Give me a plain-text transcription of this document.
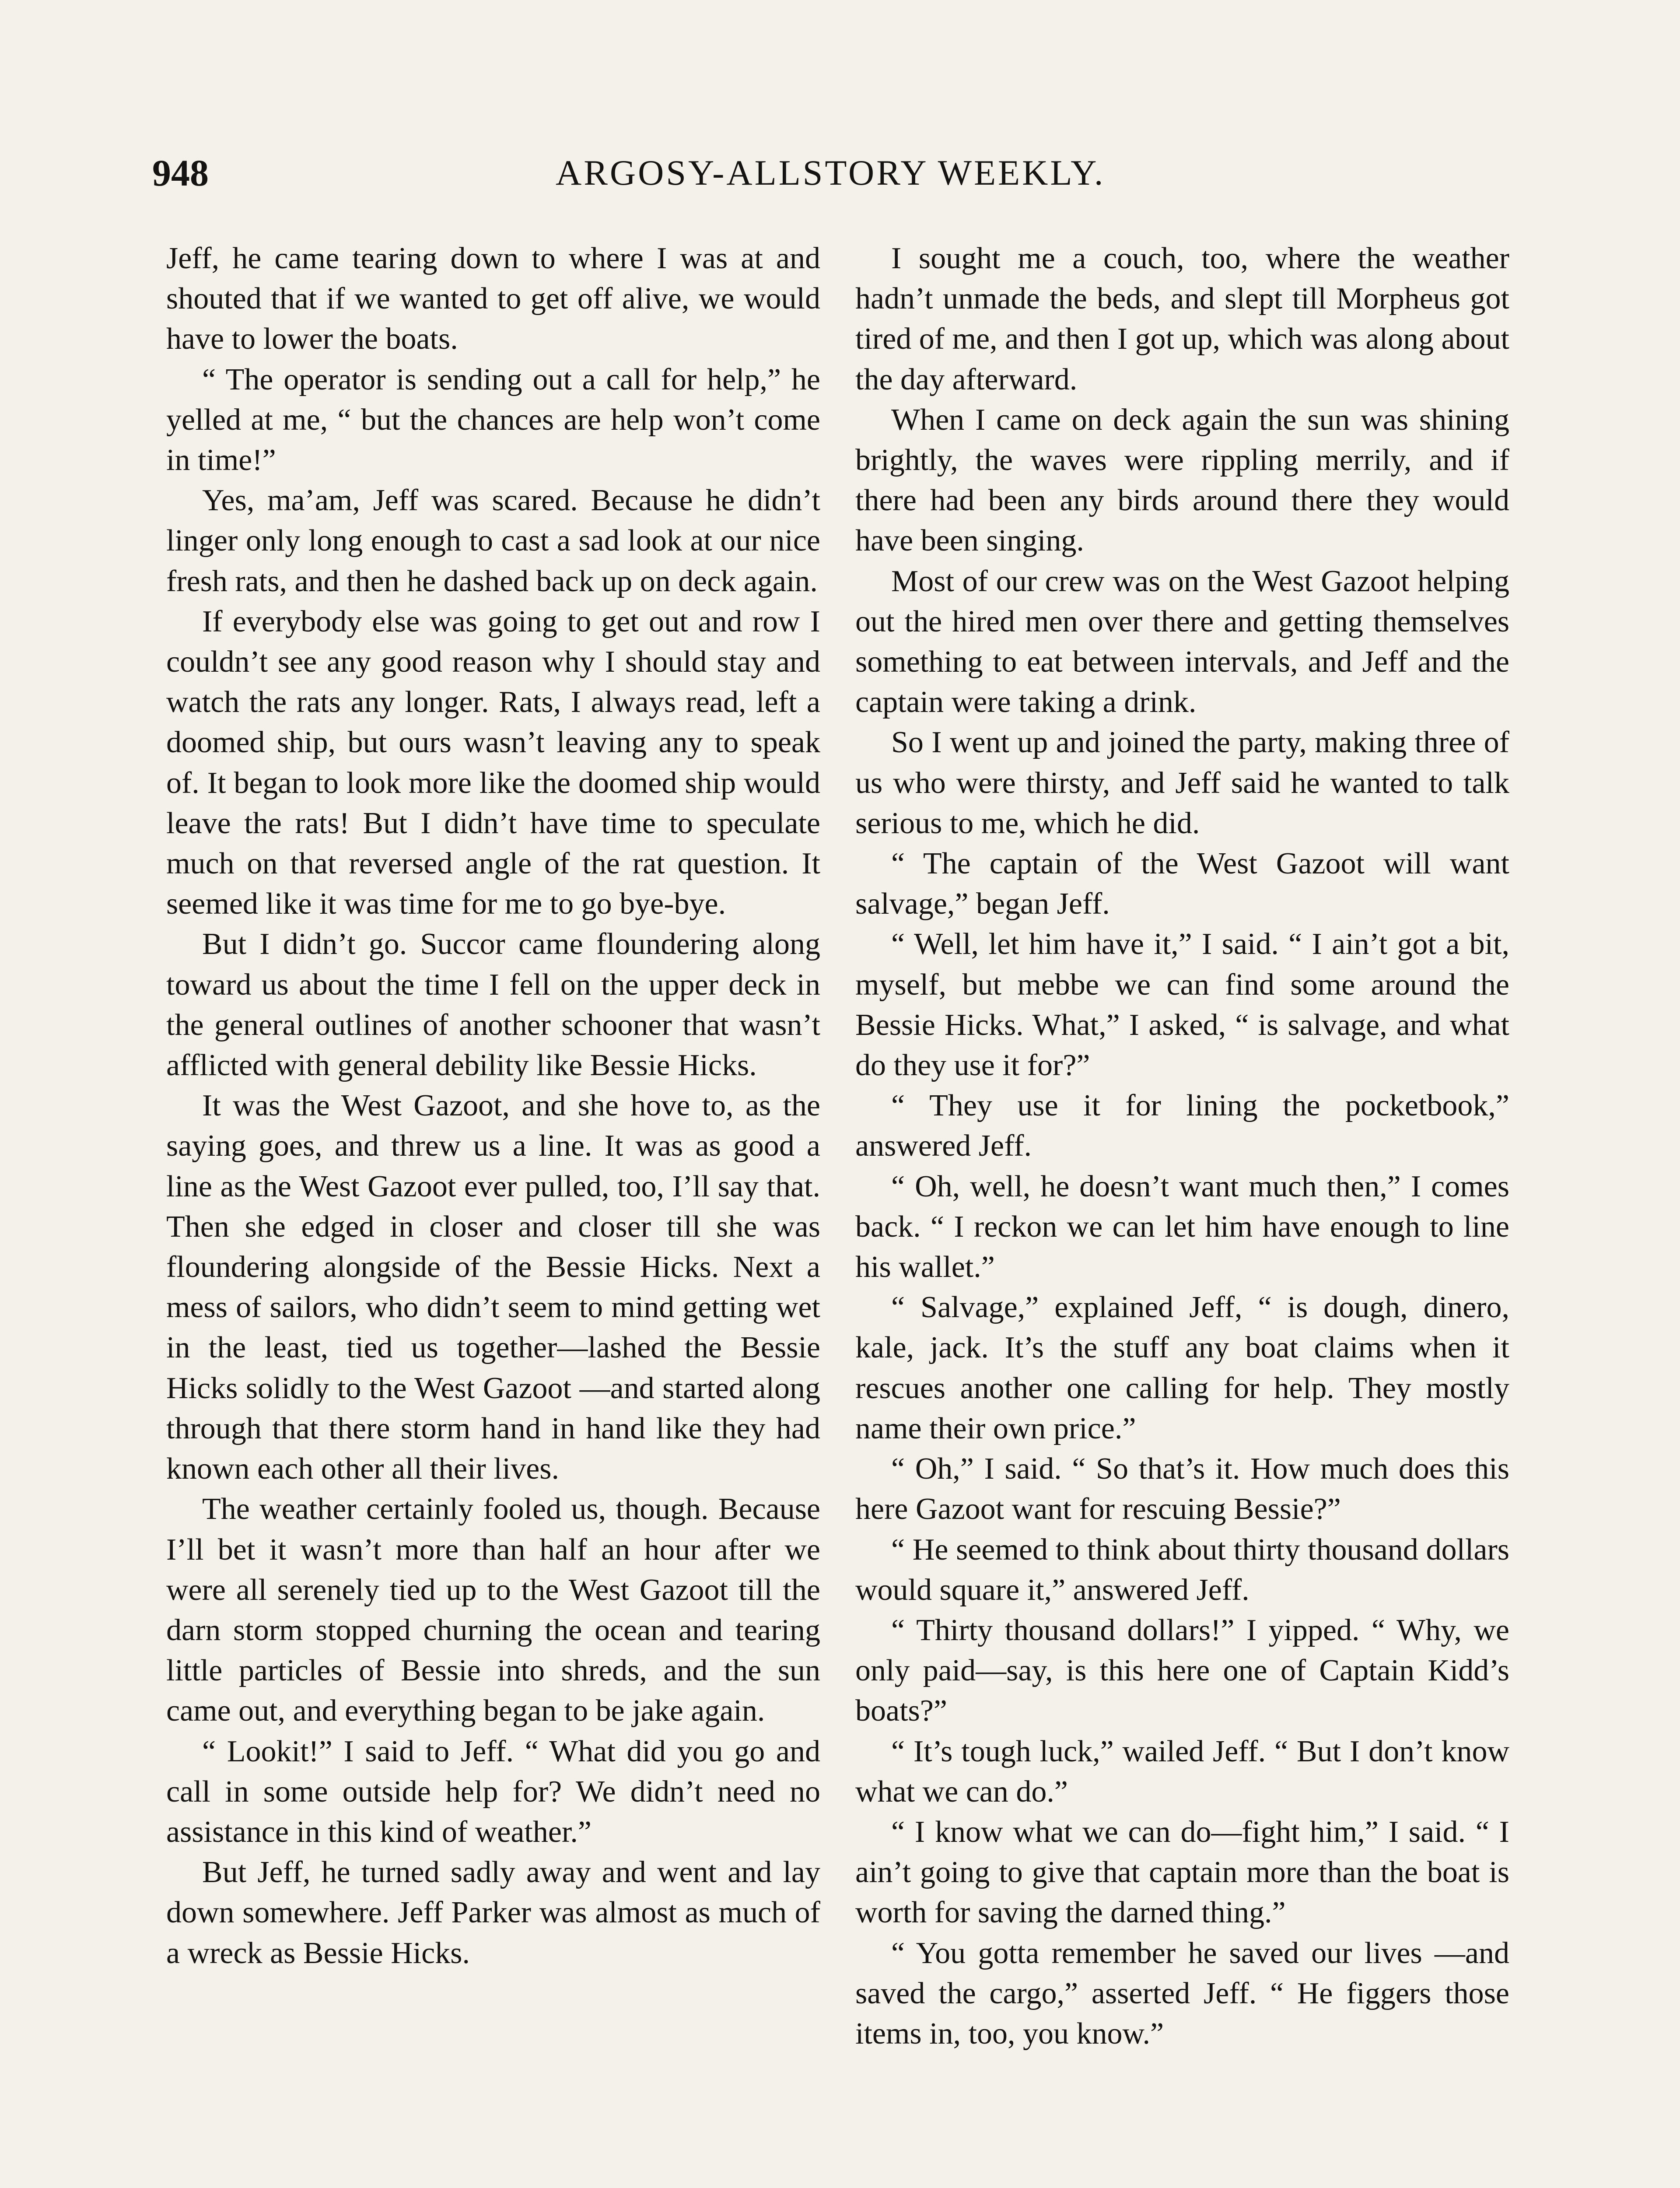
948	ARGOSY-ALLSTORY WEEKLY.

Jeff, he came tearing down to where I was at and shouted that if we wanted to get off alive, we would have to lower the boats.

“ The operator is sending out a call for help,” he yelled at me, “ but the chances are help won’t come in time!”

Yes, ma’am, Jeff was scared. Because he didn’t linger only long enough to cast a sad look at our nice fresh rats, and then he dashed back up on deck again.

If everybody else was going to get out and row I couldn’t see any good reason why I should stay and watch the rats any longer. Rats, I always read, left a doomed ship, but ours wasn’t leaving any to speak of. It began to look more like the doomed ship would leave the rats! But I didn’t have time to speculate much on that reversed angle of the rat question. It seemed like it was time for me to go bye-bye.

But I didn’t go. Succor came floundering along toward us about the time I fell on the upper deck in the general outlines of another schooner that wasn’t afflicted with general debility like Bessie Hicks.

It was the West Gazoot, and she hove to, as the saying goes, and threw us a line. It was as good a line as the West Gazoot ever pulled, too, I’ll say that. Then she edged in closer and closer till she was floundering alongside of the Bessie Hicks. Next a mess of sailors, who didn’t seem to mind getting wet in the least, tied us together—lashed the Bessie Hicks solidly to the West Gazoot —and started along through that there storm hand in hand like they had known each other all their lives.

The weather certainly fooled us, though. Because I’ll bet it wasn’t more than half an hour after we were all serenely tied up to the West Gazoot till the darn storm stopped churning the ocean and tearing little particles of Bessie into shreds, and the sun came out, and everything began to be jake again.

“ Lookit!” I said to Jeff. “ What did you go and call in some outside help for? We didn’t need no assistance in this kind of weather.”

But Jeff, he turned sadly away and went and lay down somewhere. Jeff Parker was almost as much of a wreck as Bessie Hicks.

I sought me a couch, too, where the weather hadn’t unmade the beds, and slept till Morpheus got tired of me, and then I got up, which was along about the day afterward.

When I came on deck again the sun was shining brightly, the waves were rippling merrily, and if there had been any birds around there they would have been singing.

Most of our crew was on the West Gazoot helping out the hired men over there and getting themselves something to eat between intervals, and Jeff and the captain were taking a drink.

So I went up and joined the party, making three of us who were thirsty, and Jeff said he wanted to talk serious to me, which he did.

“ The captain of the West Gazoot will want salvage,” began Jeff.

“ Well, let him have it,” I said. “ I ain’t got a bit, myself, but mebbe we can find some around the Bessie Hicks. What,” I asked, “ is salvage, and what do they use it for?”

“ They use it for lining the pocketbook,” answered Jeff.

“ Oh, well, he doesn’t want much then,” I comes back. “ I reckon we can let him have enough to line his wallet.”

“ Salvage,” explained Jeff, “ is dough, dinero, kale, jack. It’s the stuff any boat claims when it rescues another one calling for help. They mostly name their own price.”

“ Oh,” I said. “ So that’s it. How much does this here Gazoot want for rescuing Bessie?”

“ He seemed to think about thirty thousand dollars would square it,” answered Jeff.

“ Thirty thousand dollars!” I yipped. “ Why, we only paid—say, is this here one of Captain Kidd’s boats?”

“ It’s tough luck,” wailed Jeff. “ But I don’t know what we can do.”

“ I know what we can do—fight him,” I said. “ I ain’t going to give that captain more than the boat is worth for saving the darned thing.”

“ You gotta remember he saved our lives —and saved the cargo,” asserted Jeff. “ He figgers those items in, too, you know.”
